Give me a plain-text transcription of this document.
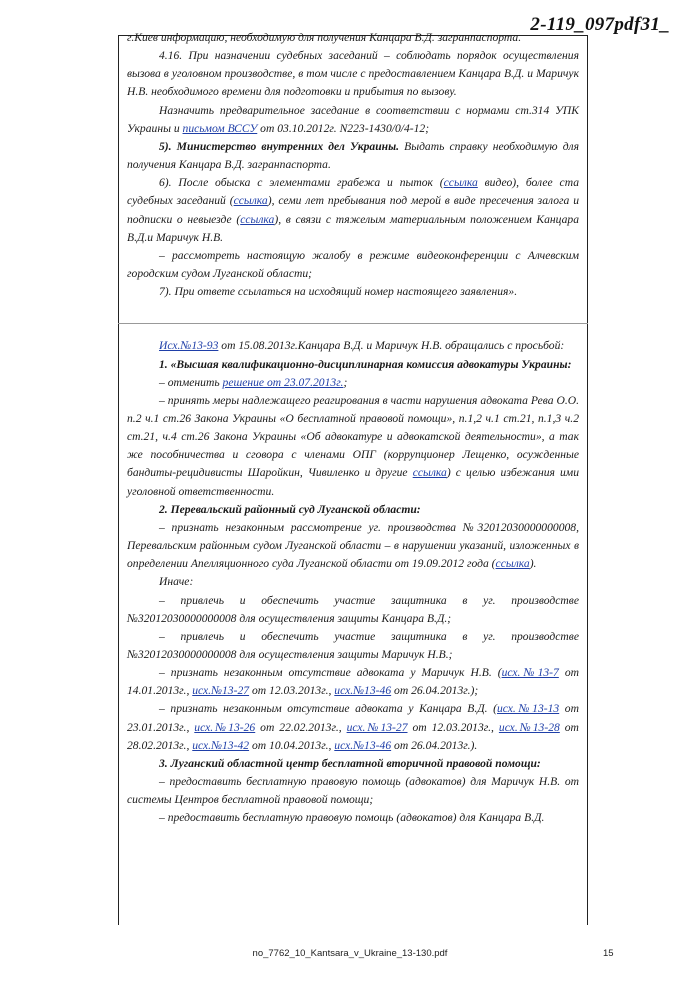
2-119_097pdf31_

г.Киев информацию, необходимую для получения Канцара В.Д. загранпаспорта.

4.16. При назначении судебных заседаний – соблюдать порядок осуществления вызова в уголовном производстве, в том числе с предоставлением Канцара В.Д. и Маричук Н.В. необходимого времени для подготовки и прибытия по вызову.

Назначить предварительное заседание в соответствии с нормами ст.314 УПК Украины и письмом ВССУ от 03.10.2012г. N223-1430/0/4-12;

5). Министерство внутренних дел Украины. Выдать справку необходимую для получения Канцара В.Д. загранпаспорта.

6). После обыска с элементами грабежа и пыток (ссылка видео), более ста судебных заседаний (ссылка), семи лет пребывания под мерой в виде пресечения залога и подписки о невыезде (ссылка), в связи с тяжелым материальным положением Канцара В.Д.и Маричук Н.В.

– рассмотреть настоящую жалобу в режиме видеоконференции с Алчевским городским судом Луганской области;

7). При ответе ссылаться на исходящий номер настоящего заявления».

Исх.№13-93 от 15.08.2013г.Канцара В.Д. и Маричук Н.В. обращались с просьбой:

1. «Высшая квалификационно-дисциплинарная комиссия адвокатуры Украины:

– отменить решение от 23.07.2013г.;

– принять меры надлежащего реагирования в части нарушения адвоката Рева О.О. п.2 ч.1 ст.26 Закона Украины «О бесплатной правовой помощи», п.1,2 ч.1 ст.21, п.1,3 ч.2 ст.21, ч.4 ст.26 Закона Украины «Об адвокатуре и адвокатской деятельности», а так же пособничества и сговора с членами ОПГ (коррупционер Лещенко, осужденные бандиты-рецидивисты Шаройкин, Чивиленко и другие ссылка) с целью избежания ими уголовной ответственности.

2. Перевальский районный суд Луганской области:

– признать незаконным рассмотрение уг. производства №32012030000000008, Перевальским районным судом Луганской области – в нарушении указаний, изложенных в определении Апелляционного суда Луганской области от 19.09.2012 года (ссылка).

Иначе:

– привлечь и обеспечить участие защитника в уг. производстве №32012030000000008 для осуществления защиты Канцара В.Д.;

– привлечь и обеспечить участие защитника в уг. производстве №32012030000000008 для осуществления защиты Маричук Н.В.;

– признать незаконным отсутствие адвоката у Маричук Н.В. (исх.№13-7 от 14.01.2013г., исх.№13-27 от 12.03.2013г., исх.№13-46 от 26.04.2013г.);

– признать незаконным отсутствие адвоката у Канцара В.Д. (исх.№13-13 от 23.01.2013г., исх.№13-26 от 22.02.2013г., исх.№13-27 от 12.03.2013г., исх.№13-28 от 28.02.2013г., исх.№13-42 от 10.04.2013г., исх.№13-46 от 26.04.2013г.).

3. Луганский областной центр бесплатной вторичной правовой помощи:

– предоставить бесплатную правовую помощь (адвокатов) для Маричук Н.В. от системы Центров бесплатной правовой помощи;

– предоставить бесплатную правовую помощь (адвокатов) для Канцара В.Д.

no_7762_10_Kantsara_v_Ukraine_13-130.pdf	15
